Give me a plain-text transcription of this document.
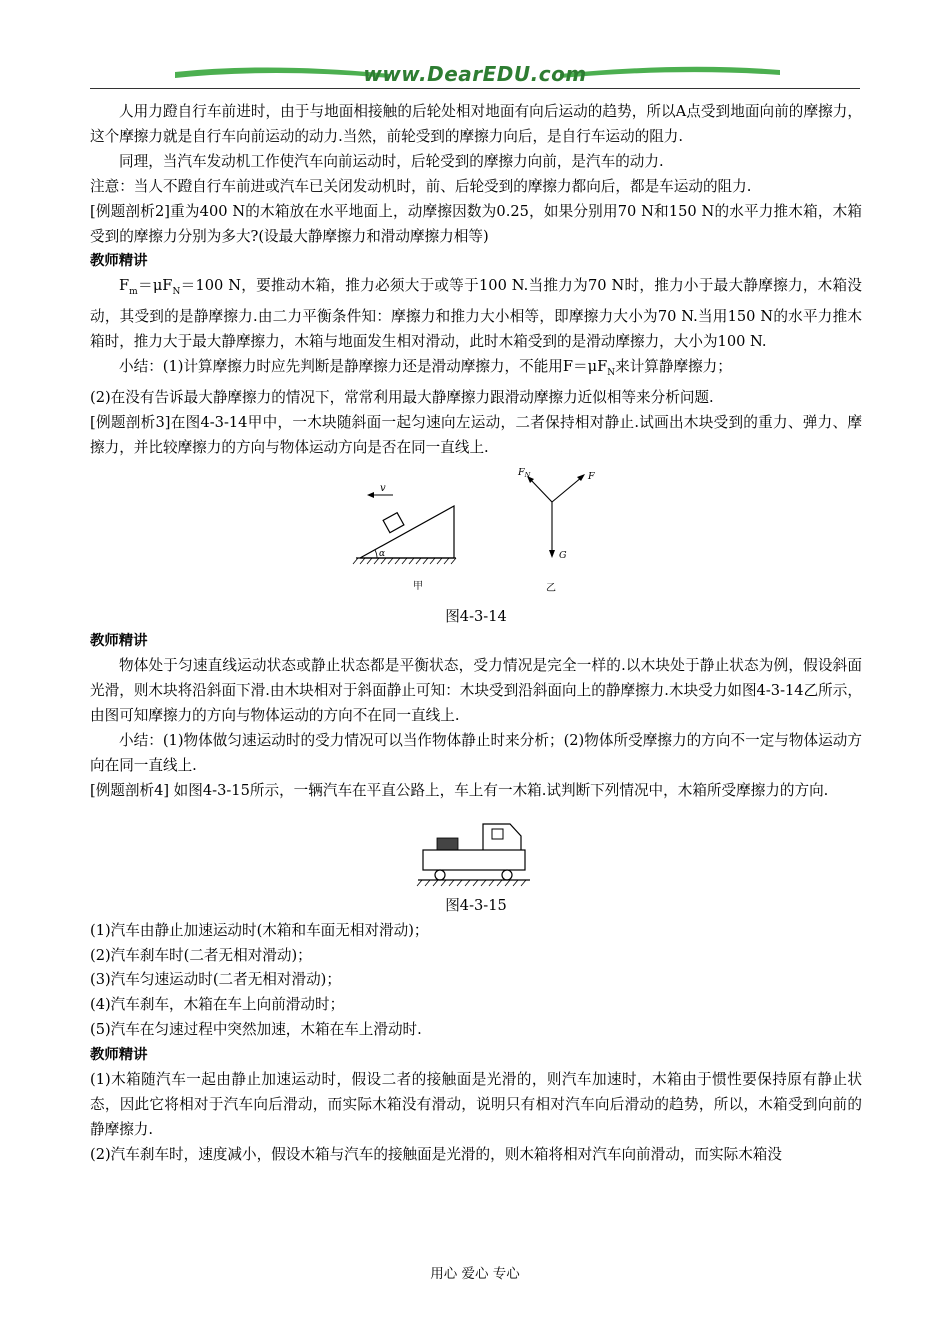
www.DearEDU.com

人用力蹬自行车前进时，由于与地面相接触的后轮处相对地面有向后运动的趋势，所以A点受到地面向前的摩擦力，这个摩擦力就是自行车向前运动的动力.当然，前轮受到的摩擦力向后，是自行车运动的阻力.

同理，当汽车发动机工作使汽车向前运动时，后轮受到的摩擦力向前，是汽车的动力.

注意：当人不蹬自行车前进或汽车已关闭发动机时，前、后轮受到的摩擦力都向后，都是车运动的阻力.

[例题剖析2]重为400 N的木箱放在水平地面上，动摩擦因数为0.25，如果分别用70 N和150 N的水平力推木箱，木箱受到的摩擦力分别为多大?(设最大静摩擦力和滑动摩擦力相等)

教师精讲

$F_m=\mu F_N=100$ N，要推动木箱，推力必须大于或等于100 N.当推力为70 N时，推力小于最大静摩擦力，木箱没动，其受到的是静摩擦力.由二力平衡条件知：摩擦力和推力大小相等，即摩擦力大小为70 N.当用150 N的水平力推木箱时，推力大于最大静摩擦力，木箱与地面发生相对滑动，此时木箱受到的是滑动摩擦力，大小为100 N.

小结：(1)计算摩擦力时应先判断是静摩擦力还是滑动摩擦力，不能用$F=\mu F_N$来计算静摩擦力；

(2)在没有告诉最大静摩擦力的情况下，常常利用最大静摩擦力跟滑动摩擦力近似相等来分析问题.

[例题剖析3]在图4-3-14甲中，一木块随斜面一起匀速向左运动，二者保持相对静止.试画出木块受到的重力、弹力、摩擦力，并比较摩擦力的方向与物体运动方向是否在同一直线上.

α
v
甲
$F_N$	F
G
乙

图4-3-14

教师精讲

物体处于匀速直线运动状态或静止状态都是平衡状态，受力情况是完全一样的.以木块处于静止状态为例，假设斜面光滑，则木块将沿斜面下滑.由木块相对于斜面静止可知：木块受到沿斜面向上的静摩擦力.木块受力如图4-3-14乙所示，由图可知摩擦力的方向与物体运动的方向不在同一直线上.

小结：(1)物体做匀速运动时的受力情况可以当作物体静止时来分析；(2)物体所受摩擦力的方向不一定与物体运动方向在同一直线上.

[例题剖析4] 如图4-3-15所示，一辆汽车在平直公路上，车上有一木箱.试判断下列情况中，木箱所受摩擦力的方向.

图4-3-15

(1)汽车由静止加速运动时(木箱和车面无相对滑动)；

(2)汽车刹车时(二者无相对滑动)；

(3)汽车匀速运动时(二者无相对滑动)；

(4)汽车刹车，木箱在车上向前滑动时；

(5)汽车在匀速过程中突然加速，木箱在车上滑动时.

教师精讲

(1)木箱随汽车一起由静止加速运动时，假设二者的接触面是光滑的，则汽车加速时，木箱由于惯性要保持原有静止状态，因此它将相对于汽车向后滑动，而实际木箱没有滑动，说明只有相对汽车向后滑动的趋势，所以，木箱受到向前的静摩擦力.

(2)汽车刹车时，速度减小，假设木箱与汽车的接触面是光滑的，则木箱将相对汽车向前滑动，而实际木箱没

用心 爱心 专心
